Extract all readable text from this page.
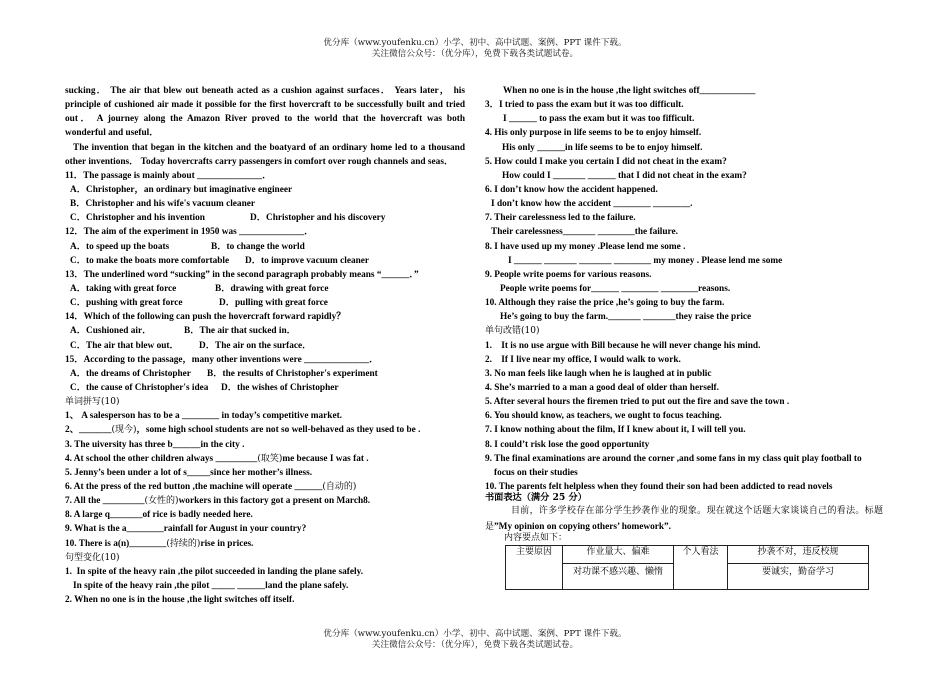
优分库（www.youfenku.cn）小学、初中、高中试题、案例、PPT 课件下载。
关注微信公众号：（优分库），免费下载各类试题试卷。
sucking． The air that blew out beneath acted as a cushion against surfaces． Years later， his
principle of cushioned air made it possible for the first hovercraft to be successfully built and tried
out． A journey along the Amazon River proved to the world that the hovercraft was both
wonderful and useful．
The invention that began in the kitchen and the boatyard of an ordinary home led to a thousand
other inventions． Today hovercrafts carry passengers in comfort over rough channels and seas．
11．The passage is mainly about ______________．
A．Christopher，an ordinary but imaginative engineer
B．Christopher and his wife's vacuum cleaner
C．Christopher and his invention	D．Christopher and his discovery
12．The aim of the experiment in 1950 was ______________．
A．to speed up the boats	B．to change the world
C．to make the boats more comfortable D．to improve vacuum cleaner
13．The underlined word “sucking” in the second paragraph probably means “______．”
A．taking with great force	B．drawing with great force
C．pushing with great force	D．pulling with great force
14．Which of the following can push the hovercraft forward rapidly？
A．Cushioned air．	B．The air that sucked in．
C．The air that blew out． D．The air on the surface．
15．According to the passage，many other inventions were ______________．
A．the dreams of Christopher B．the results of Christopher's experiment
C．the cause of Christopher's idea D．the wishes of Christopher
单词拼写(10)
1、 A salesperson has to be a ________ in today’s competitive market.
2、_______(现今)，some high school students are not so well-behaved as they used to be .
3. The uiversity has three b______in the city .
4. At school the other children always _________(取笑)me because I was fat .
5. Jenny’s been under a lot of s_____since her mother’s illness.
6. At the press of the red button ,the machine will operate ______(自动的)
7. All the _________(女性的)workers in this factory got a present on March8.
8. A large q_______of rice is badly needed here.
9. What is the a________rainfall for August in your country?
10. There is a(n)________(持续的)rise in prices.
句型变化(10)
1.  In spite of the heavy rain ,the pilot succeeded in landing the plane safely.
In spite of the heavy rain ,the pilot _____ ______land the plane safely.
2. When no one is in the house ,the light switches off itself.
When no one is in the house ,the light switches off____________
3．I tried to pass the exam but it was too difficult.
I ______ to pass the exam but it was too fifficult.
4. His only purpose in life seems to be to enjoy himself.
His only ______in life seems to be to enjoy himself.
5. How could I make you certain I did not cheat in the exam?
How could I _______ ______ that I did not cheat in the exam?
6. I don’t know how the accident happened.
I don’t know how the accident ________ ________.
7. Their carelessness led to the failure.
Their carelessness_______ ________the failure.
8. I have used up my money .Please lend me some .
I ______ _______ _______ ________ my money . Please lend me some
9. People write poems for various reasons.
People write poems for______ ________ ________reasons.
10. Although they raise the price ,he’s going to buy the farm.
He’s going to buy the farm._______ _______they raise the price
单句改错(10)
1.    It is no use argue with Bill because he will never change his mind.
2.    If I live near my office, I would walk to work.
3. No man feels like laugh when he is laughed at in public
4. She’s married to a man a good deal of older than herself.
5. After several hours the firemen tried to put out the fire and save the town .
6. You should know, as teachers, we ought to focus teaching.
7. I know nothing about the film, If I knew about it, I will tell you.
8. I could’t risk lose the good opportunity
9. The final examinations are around the corner ,and some fans in my class quit play football to
focus on their studies
10. The parents felt helpless when they found their son had been addicted to read novels
书面表达（满分 25 分）
目前，许多学校存在部分学生抄袭作业的现象。现在就这个话题大家谈谈自己的看法。标题
是”My opinion on copying others’ homework”.
内容要点如下：
主要原因	作业量大、偏难	个人看法	抄袭不对，违反校规
	对功课不感兴趣、懒惰		要诚实，勤奋学习
优分库（www.youfenku.cn）小学、初中、高中试题、案例、PPT 课件下载。
关注微信公众号：（优分库），免费下载各类试题试卷。
